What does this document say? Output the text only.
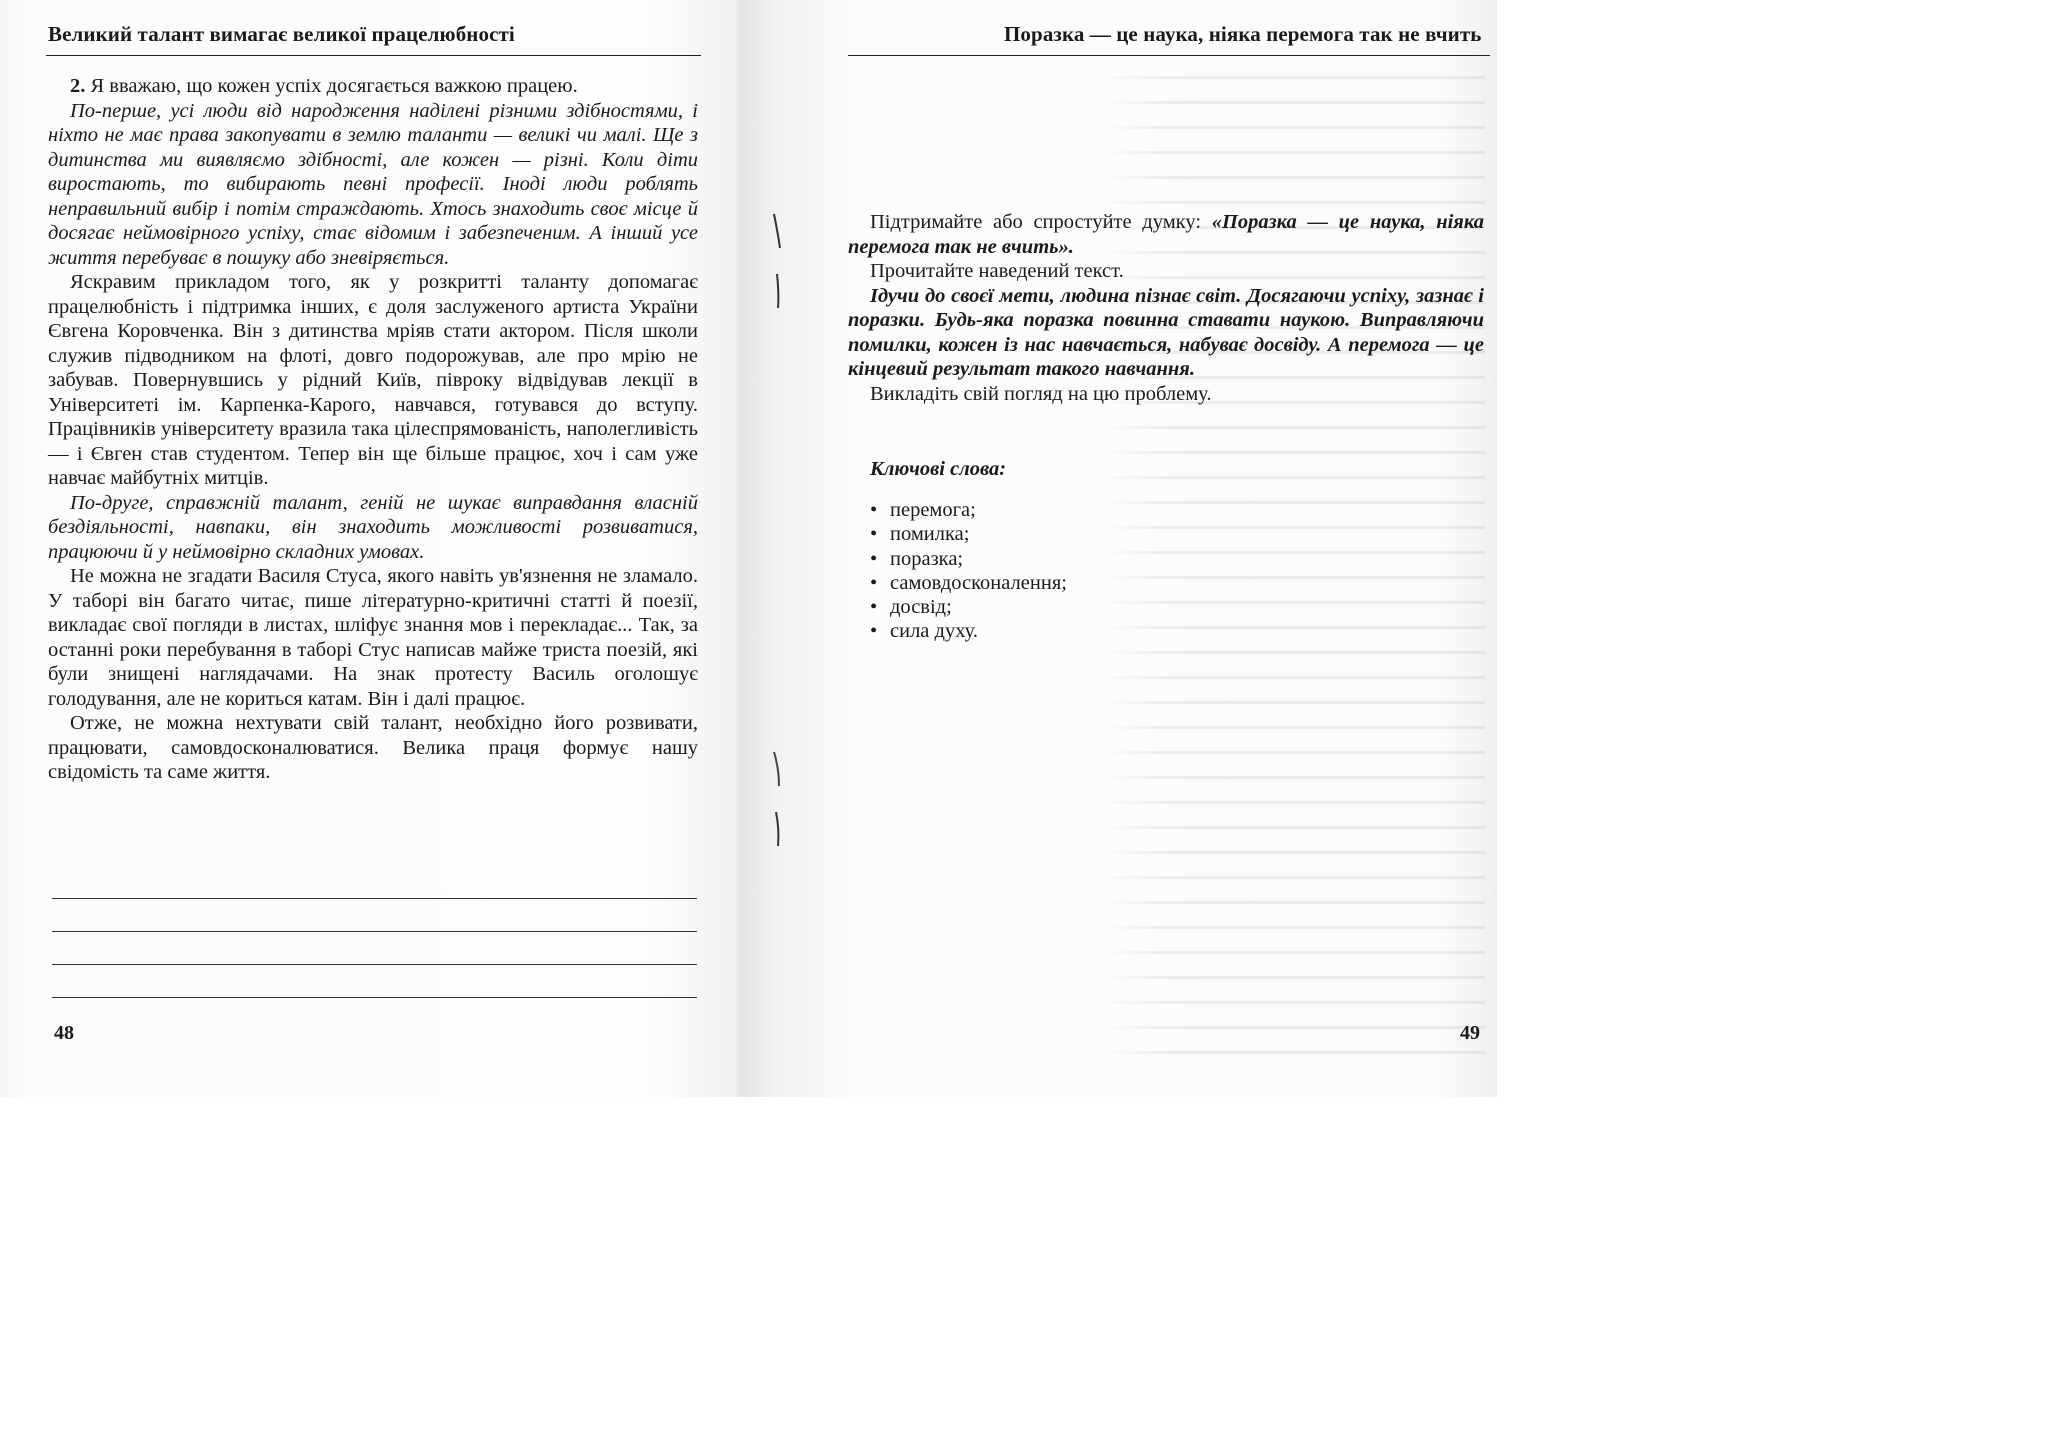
Великий талант вимагає великої працелюбності

2. Я вважаю, що кожен успіх досягається важкою працею.

По-перше, усі люди від народження наділені різними здібностями, і ніхто не має права закопувати в землю таланти — великі чи малі. Ще з дитинства ми виявляємо здібності, але кожен — різні. Коли діти виростають, то вибирають певні професії. Іноді люди роблять неправильний вибір і потім страждають. Хтось знаходить своє місце й досягає неймовірного успіху, стає відомим і забезпеченим. А інший усе життя перебуває в пошуку або зневіряється.

Яскравим прикладом того, як у розкритті таланту допомагає працелюбність і підтримка інших, є доля заслуженого артиста України Євгена Коровченка. Він з дитинства мріяв стати актором. Після школи служив підводником на флоті, довго подорожував, але про мрію не забував. Повернувшись у рідний Київ, півроку відвідував лекції в Університеті ім. Карпенка-Карого, навчався, готувався до вступу. Працівників університету вразила така цілеспрямованість, наполегливість — і Євген став студентом. Тепер він ще більше працює, хоч і сам уже навчає майбутніх митців.

По-друге, справжній талант, геній не шукає виправдання власній бездіяльності, навпаки, він знаходить можливості розвиватися, працюючи й у неймовірно складних умовах.

Не можна не згадати Василя Стуса, якого навіть ув'язнення не зламало. У таборі він багато читає, пише літературно-критичні статті й поезії, викладає свої погляди в листах, шліфує знання мов і перекладає... Так, за останні роки перебування в таборі Стус написав майже триста поезій, які були знищені наглядачами. На знак протесту Василь оголошує голодування, але не кориться катам. Він і далі працює.

Отже, не можна нехтувати свій талант, необхідно його розвивати, працювати, самовдосконалюватися. Велика праця формує нашу свідомість та саме життя.

48
Поразка — це наука, ніяка перемога так не вчить

Підтримайте або спростуйте думку: «Поразка — це наука, ніяка перемога так не вчить».

Прочитайте наведений текст.

Ідучи до своєї мети, людина пізнає світ. Досягаючи успіху, зазнає і поразки. Будь-яка поразка повинна ставати наукою. Виправляючи помилки, кожен із нас навчається, набуває досвіду. А перемога — це кінцевий результат такого навчання.

Викладіть свій погляд на цю проблему.

Ключові слова:
• перемога;
• помилка;
• поразка;
• самовдосконалення;
• досвід;
• сила духу.
49
